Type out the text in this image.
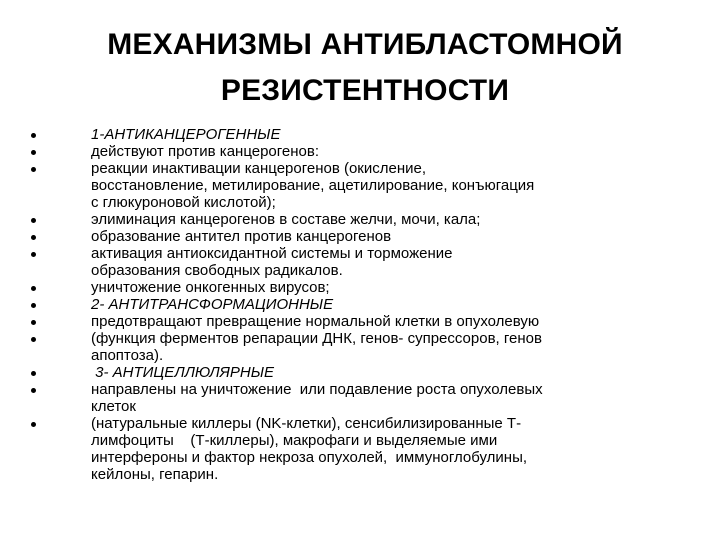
МЕХАНИЗМЫ АНТИБЛАСТОМНОЙ
РЕЗИСТЕНТНОСТИ
1-АНТИКАНЦЕРОГЕННЫЕ
действуют против канцерогенов:
реакции инактивации канцерогенов (окисление,
восстановление, метилирование, ацетилирование, конъюгация
с глюкуроновой кислотой);
элиминация канцерогенов в составе желчи, мочи, кала;
образование антител против канцерогенов
активация антиоксидантной системы и торможение
образования свободных радикалов.
уничтожение онкогенных вирусов;
2- АНТИТРАНСФОРМАЦИОННЫЕ
предотвращают превращение нормальной клетки в опухолевую
(функция ферментов репарации ДНК, генов- супрессоров, генов
апоптоза).
3- АНТИЦЕЛЛЮЛЯРНЫЕ
направлены на уничтожение  или подавление роста опухолевых
клеток
(натуральные киллеры (NK-клетки), сенсибилизированные Т-
лимфоциты    (Т-киллеры), макрофаги и выделяемые ими
интерфероны и фактор некроза опухолей,  иммуноглобулины,
кейлоны, гепарин.
